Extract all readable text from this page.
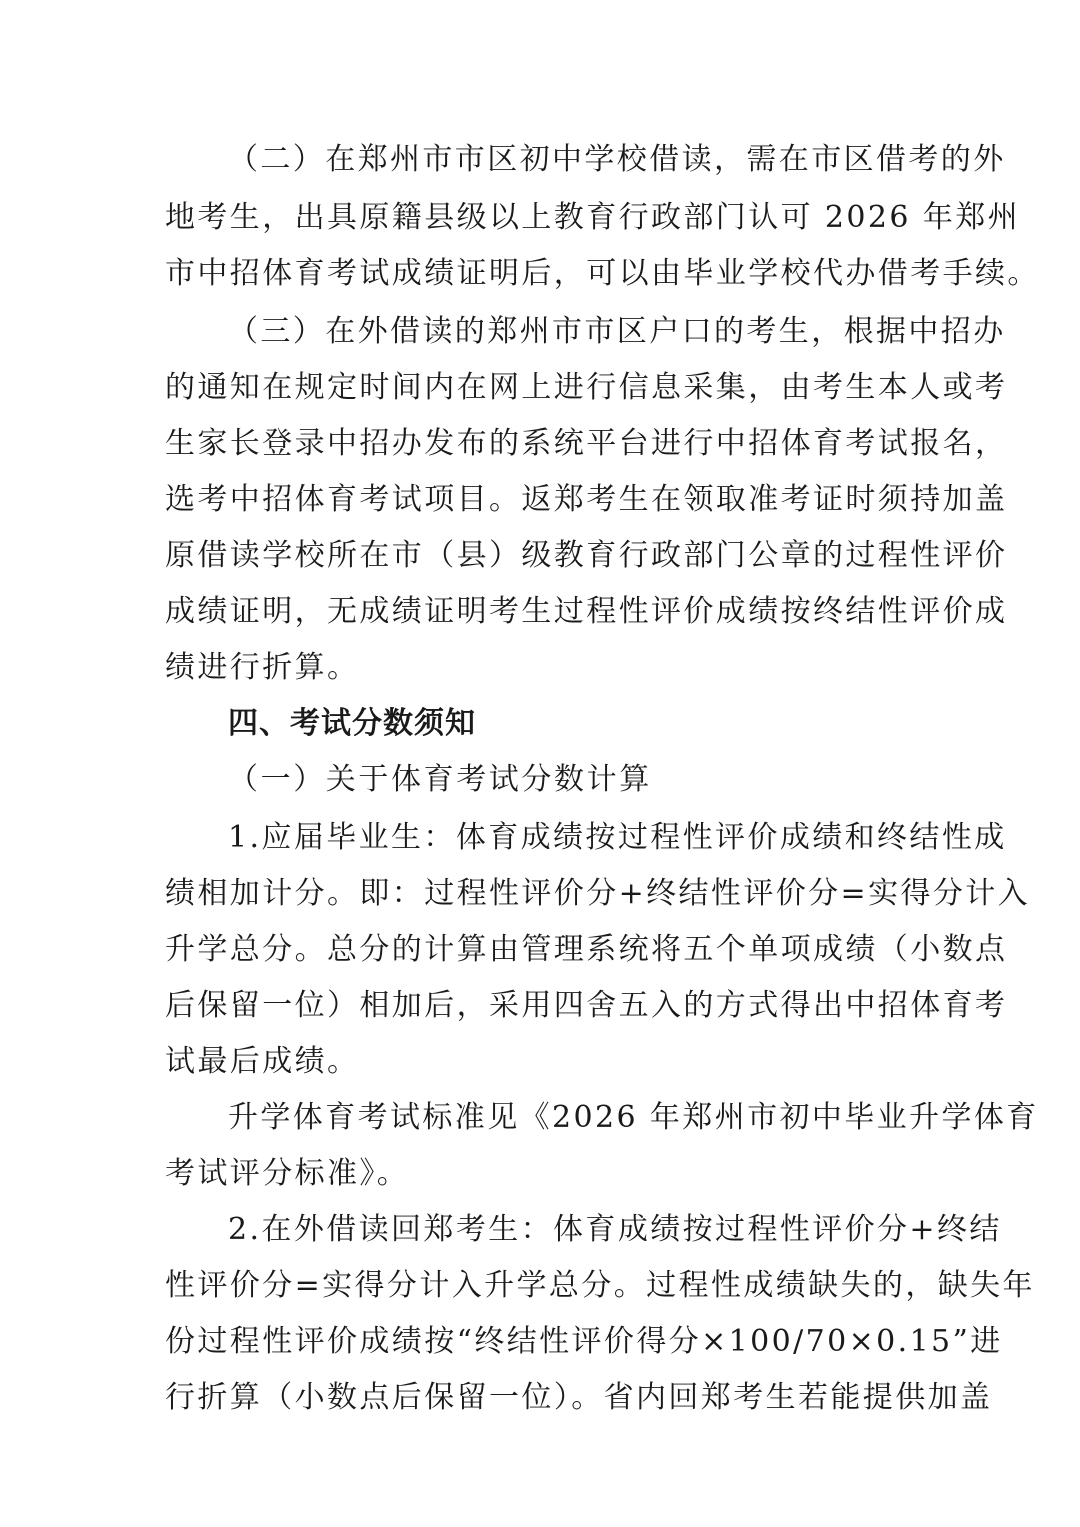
（二）在郑州市市区初中学校借读，需在市区借考的外
地考生，出具原籍县级以上教育行政部门认可 2026 年郑州
市中招体育考试成绩证明后，可以由毕业学校代办借考手续。
（三）在外借读的郑州市市区户口的考生，根据中招办
的通知在规定时间内在网上进行信息采集，由考生本人或考
生家长登录中招办发布的系统平台进行中招体育考试报名，
选考中招体育考试项目。返郑考生在领取准考证时须持加盖
原借读学校所在市（县）级教育行政部门公章的过程性评价
成绩证明，无成绩证明考生过程性评价成绩按终结性评价成
绩进行折算。
四、考试分数须知
（一）关于体育考试分数计算
1.应届毕业生：体育成绩按过程性评价成绩和终结性成
绩相加计分。即：过程性评价分+终结性评价分=实得分计入
升学总分。总分的计算由管理系统将五个单项成绩（小数点
后保留一位）相加后，采用四舍五入的方式得出中招体育考
试最后成绩。
升学体育考试标准见《2026 年郑州市初中毕业升学体育
考试评分标准》。
2.在外借读回郑考生：体育成绩按过程性评价分+终结
性评价分=实得分计入升学总分。过程性成绩缺失的，缺失年
份过程性评价成绩按“终结性评价得分×100/70×0.15”进
行折算（小数点后保留一位）。省内回郑考生若能提供加盖
